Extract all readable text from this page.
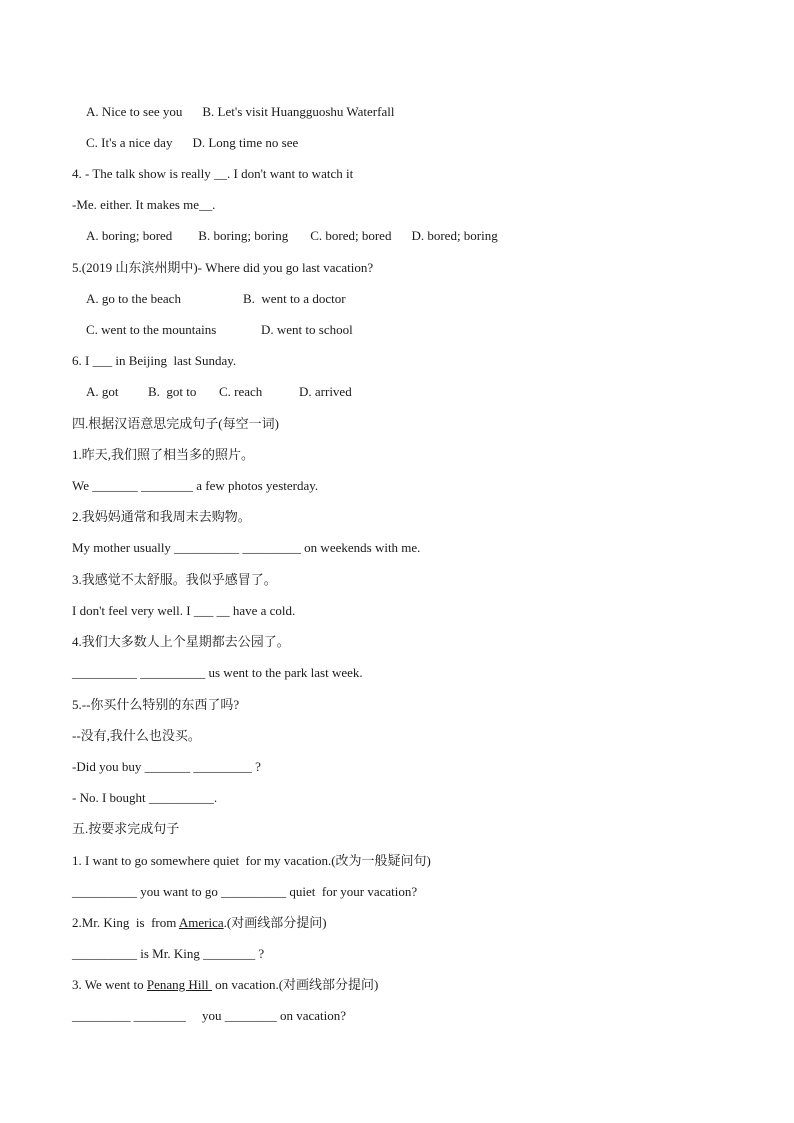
A. Nice to see you B. Let's visit Huangguoshu Waterfall
C. It's a nice day D. Long time no see
4. - The talk show is really __. I don't want to watch it
-Me. either. It makes me__.
A. boring; bored B. boring; boring C. bored; bored D. bored; boring
5.(2019 山东滨州期中)- Where did you go last vacation?
A. go to the beach	B.  went to a doctor
C. went to the mountains	D. went to school
6. I ___ in Beijing  last Sunday.
A. got B.  got to C. reach	D. arrived
四.根据汉语意思完成句子(每空一词)
1.昨天,我们照了相当多的照片。
We _______ ________ a few photos yesterday.
2.我妈妈通常和我周末去购物。
My mother usually __________ _________ on weekends with me.
3.我感觉不太舒服。我似乎感冒了。
I don't feel very well. I ___ __ have a cold.
4.我们大多数人上个星期都去公园了。
__________ __________ us went to the park last week.
5.--你买什么特别的东西了吗?
--没有,我什么也没买。
-Did you buy _______ _________ ?
- No. I bought __________.
五.按要求完成句子
1. I want to go somewhere quiet  for my vacation.(改为一般疑问句)
__________ you want to go __________ quiet  for your vacation?
2.Mr. King  is  from America.(对画线部分提问)
__________ is Mr. King ________ ?
3. We went to Penang Hill  on vacation.(对画线部分提问)
_________ ________     you ________ on vacation?
